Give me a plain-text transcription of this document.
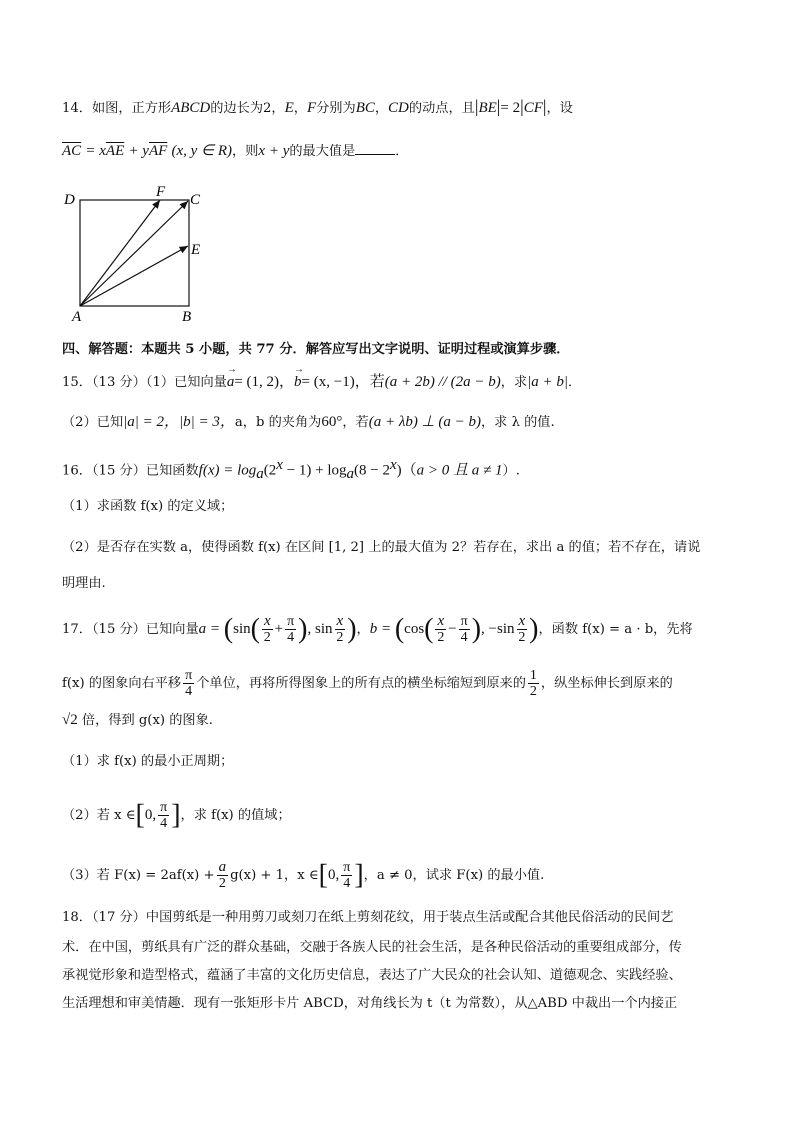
14．如图，正方形ABCD的边长为2，E，F分别为BC，CD的动点，且|BE|= 2|CF|，设
$\overline{AC} = x\overline{AE} + y\overline{AF}$ (x, y ∈ R)，则x + y的最大值是	．
D	F C
E
A	B
四、解答题：本题共 5 小题，共 77 分．解答应写出文字说明、证明过程或演算步骤．
15．（13 分）（1）已知向量→ a= (1, 2)，→ b= (x, −1)，若(a + 2b) // (2a − b)，求|a + b|．
（2）已知|a| = 2，|b| = 3，a，b 的夹角为60°，若(a + λb) ⊥ (a − b)，求 λ 的值.
16．（15 分）已知函数$f(x) = \log_a(2^x - 1) + \log_a(8 - 2^x)(a > 0$ 且 a ≠ 1）.
（1）求函数 f(x) 的定义域；
（2）是否存在实数 a，使得函数 f(x) 在区间 [1, 2] 上的最大值为 2？若存在，求出 a 的值；若不存在，请说
明理由.
17．（15 分）已知向量$a = (\sin( \frac{x}{2} + \frac{\pi}{4}$ ), $\sin \frac{x}{2}$ )，$b = (\cos( \frac{x}{2} - \frac{\pi}{4}$ ), $-\sin \frac{x}{2}$ )，函数 f(x) = a · b，先将
f(x) 的图象向右平移 $\frac{\pi}{4}$ 个单位，再将所得图象上的所有点的横坐标缩短到原来的 $\frac{1}{2}$ ，纵坐标伸长到原来的
√2 倍，得到 g(x) 的图象.
（1）求 f(x) 的最小正周期；
（2）若 x ∈[0, $\frac{\pi}{4}$ ]，求 f(x) 的值域；
（3）若 $F(x) = 2af(x) + \frac{a}{2} g(x) + 1$，x ∈[0, $\frac{\pi}{4}$ ]，a ≠ 0，试求 F(x) 的最小值.
18．（17 分）中国剪纸是一种用剪刀或刻刀在纸上剪刻花纹，用于装点生活或配合其他民俗活动的民间艺
术．在中国，剪纸具有广泛的群众基础，交融于各族人民的社会生活，是各种民俗活动的重要组成部分，传
承视觉形象和造型格式，蕴涵了丰富的文化历史信息，表达了广大民众的社会认知、道德观念、实践经验、
生活理想和审美情趣．现有一张矩形卡片 ABCD，对角线长为 t（t 为常数），从△ABD 中裁出一个内接正
